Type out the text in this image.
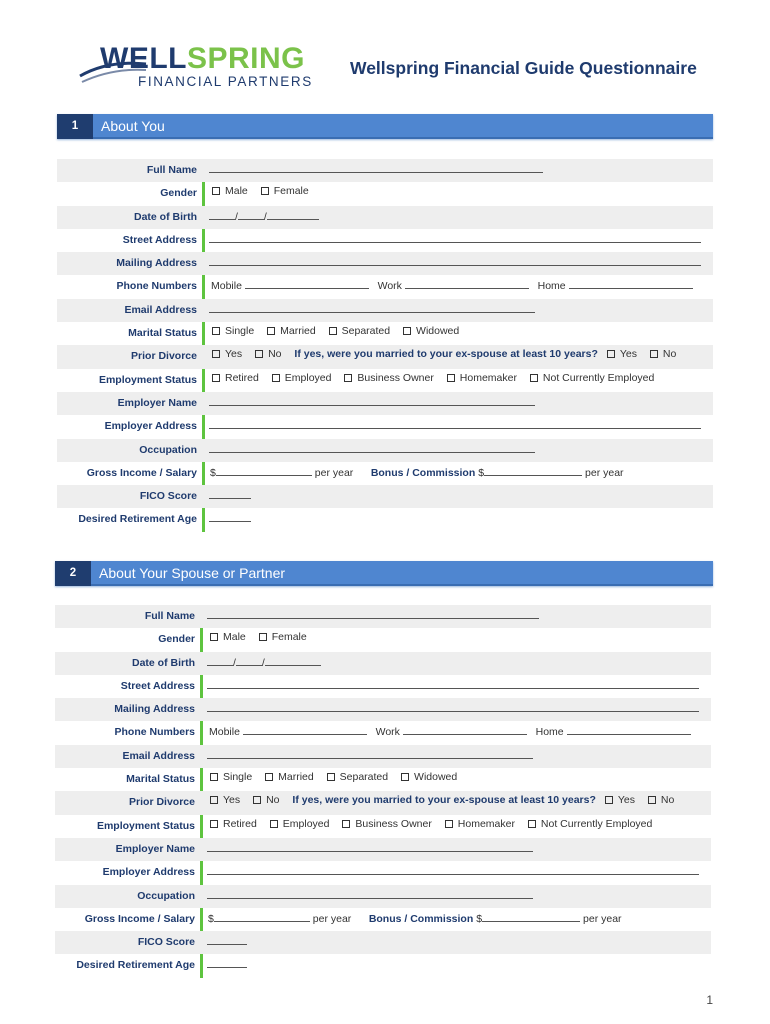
WELLSPRING
FINANCIAL PARTNERS
Wellspring Financial Guide Questionnaire
1	About You
Full Name
Gender	Male Female
Date of Birth	/ /
Street Address
Mailing Address
Phone Numbers Mobile	Work	Home
Email Address
Marital Status	Single Married Separated Widowed
Prior Divorce	Yes No If yes, were you married to your ex-spouse at least 10 years? Yes No
Employment Status	Retired Employed Business Owner Homemaker Not Currently Employed
Employer Name
Employer Address
Occupation
Gross Income / Salary $	per year Bonus / Commission $	per year
FICO Score
Desired Retirement Age
2	About Your Spouse or Partner
Full Name
Gender	Male Female
Date of Birth	/ /
Street Address
Mailing Address
Phone Numbers Mobile	Work	Home
Email Address
Marital Status	Single Married Separated Widowed
Prior Divorce	Yes No If yes, were you married to your ex-spouse at least 10 years? Yes No
Employment Status	Retired Employed Business Owner Homemaker Not Currently Employed
Employer Name
Employer Address
Occupation
Gross Income / Salary $	per year Bonus / Commission $	per year
FICO Score
Desired Retirement Age
1
